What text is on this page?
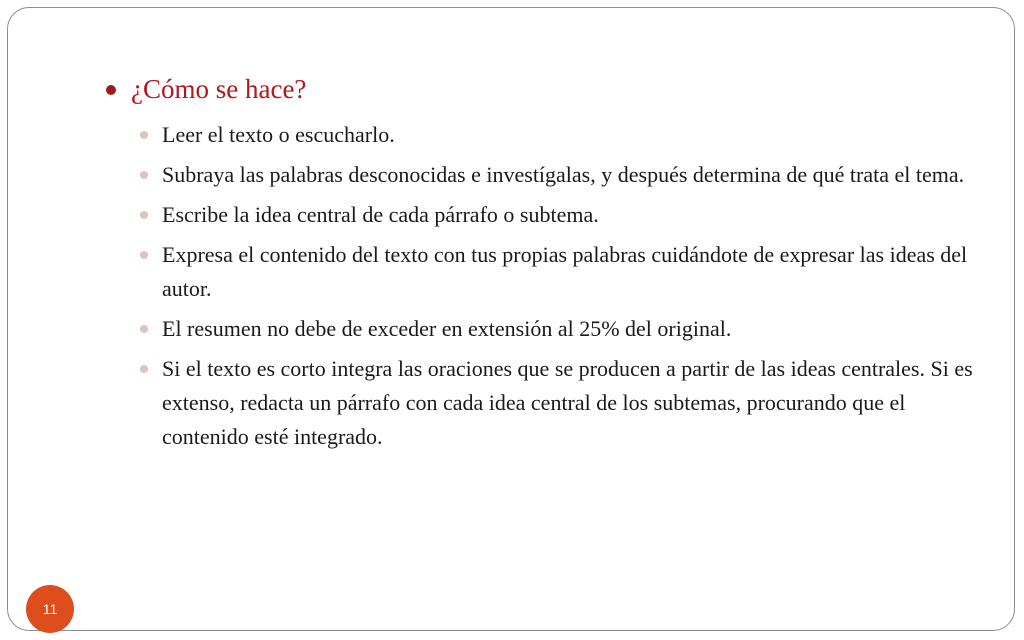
¿Cómo se hace?
Leer el texto o escucharlo.
Subraya las palabras desconocidas e investígalas, y después determina de qué trata el tema.
Escribe la idea central de cada párrafo o subtema.
Expresa el contenido del texto con tus propias palabras cuidándote de expresar las ideas del autor.
El resumen no debe de exceder en extensión al 25% del original.
Si el texto es corto integra las oraciones que se producen a partir de las ideas centrales. Si es extenso, redacta un párrafo con cada idea central de los subtemas, procurando que el contenido esté integrado.
11
